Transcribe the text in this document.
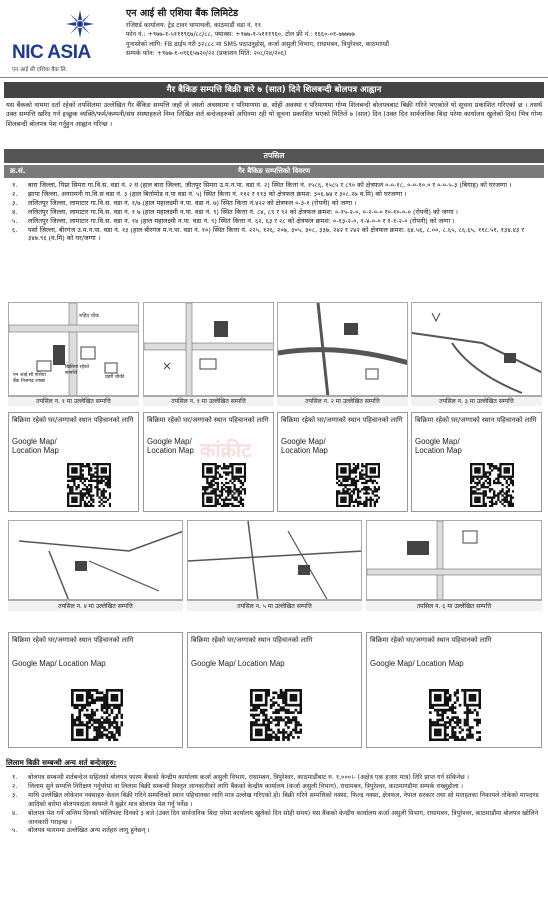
NIC ASIA
एन आई सी एशिया बैंक लि.
एन आई सी एशिया बैंक लिमिटेड
रजिष्टर्ड कार्यालय: ट्रेड टावर थापाथली, काठमाडौं वडा नं. ११
फोन नं.: +९७७-१-५१११९६७/८८/८८, फ्याक्स: +९७७-१-५१११९६०, टोल फ्री नं.: १६६०-०१-७७७७७
गुनासोको लागि: FB ढाईप गरी ३२८८८ मा SMS पठाउनुहोस्, कर्जा असुली विभाग, राधामबन, त्रिपुरेश्वर, काठमाण्डौं
सम्पर्क फोन: +९७७-१-०९६६५७२०/२२ (प्रकाशन मिति: २०८/२४/२०६)
गैर बैकिङ सम्पत्ति बिक्री बारे ७ (सात) दिने शिलबन्दी बोलपत्र आह्वान
यस बैंकको नाममा दर्ता रहेको तपसिलमा उल्लेखित गैर बैंकिङ सम्पत्ति जहाँ जे जस्तो अवस्थामा र परिमाणमा छ, सोही अवस्था र परिमाणमा गोप्य शिलबन्दी बोलपत्रबाट बिक्री गरिने भएकोले यो सूचना प्रकाशित गरिएको छ । तसर्थ उक्त सम्पत्ति खरिद गर्न इच्छुक व्यक्ति/फर्म/कम्पनी/संघ संस्थाहरुले निम्न लिखित शर्त बन्देजहरुको अधिनमा रही यो सूचना प्रकाशित भएको मितिले ७ (सात) दिन (उक्त दिन सार्वजनिक बिदा परेमा कार्यालय खुलेको दिन) भित्र गोप्य शिलबन्दी बोलपत्र पेश गर्नुहुन आह्वान गरिन्छ ।
तपसिल
गैर बैकिङ सम्पत्तिको विवरण
क्र.सं.
१.	बारा जिल्ला, पिप्रा सिमरा गा.वि.स. वडा नं. २ ध (हाल बारा जिल्ला, जीतपुर सिमरा उ.म.न.पा. वडा नं. २) स्थित कित्ता नं. १५८६, १५८५ र ८९० को क्षेत्रफल ०-०-१८, ०-०-१०.० र ०-०-५-३ (बिगाह) को घरजग्गा ।
२.	झापा जिल्ला, अनारमनी गा.वि.स वडा नं. ३ (हाल बिर्तामोड न.पा वडा नं. ५) स्थित कित्ता नं. ११२ र ११३ को क्षेत्रफल क्रमश: ३०६.७४ र ३०८.२७ व.मि) को घरजग्गा ।
३.	ललितपुर जिल्ला, लामाटार गा.वि.स. वडा नं. १/७ (हाल महालक्ष्मी न.पा. वडा नं. ७) स्थित कित्ता नं.४२२ को क्षेत्रफल ०-३-१ (रोपनी) को जग्गा ।
४.	ललितपुर जिल्ला, लामाटार गा.वि.स. वडा नं. १ ७ (हाल महालक्ष्मी न.पा. वडा नं. ९) स्थित कित्ता नं. ८४, ८९ र ९२ को क्षेत्रफल क्रमश: ०-१५-२-०, ०-२-०-० र०-१०-०-० (रोपनी) को जग्गा ।
५.	ललितपुर जिल्ला, लामाटार गा.वि.स. वडा नं. १४ (हाल महालक्ष्मी न.पा. वडा नं. ९) स्थित कित्ता नं. ६२, ६३ र २८ को क्षेत्रफल क्रमश: ०-१३-२-०, १-४-०-० र १-१-२-० (रोपनी) को जग्गा ।
६.	पर्सा जिल्ला, बीरगंज उ.म.न.पा. वडा नं. १३ (हाल बीरगंज म.न.पा. वडा नं. १०) स्थित कित्ता नं. २२५, १२६, २०७, ३०५, ३०८, ३३७, २४२ र २४२ को क्षेत्रफल क्रमश: ६४.५६, ८.००, ८.६५, ८६.६५, ११८.५१, १३४.४३ र ३४७.९६ (व.मि) को घर/जग्गा ।
शहिद चोक
बिक्रीमा रहेको सम्पत्ति
एन आई सी एशिया बैंक निजगढ शाखा
प्रहरी चौकी
तपसिल न. १ मा उल्लेखित सम्पत्ति	तपसिल न. १ मा उल्लेखित सम्पत्ति	तपसिल न. २ मा उल्लेखित सम्पत्ति	तपसिल न. ३ मा उल्लेखित सम्पत्ति
बिक्रिमा रहेको घर/जग्गाको स्थान पहिचानको लागि
Google Map/ Location Map
बिक्रिमा रहेको घर/जग्गाको स्थान पहिचानको लागि
Google Map/ Location Map
बिक्रिमा रहेको घर/जग्गाको स्थान पहिचानको लागि
Google Map/ Location Map
बिक्रिमा रहेको घर/जग्गाको स्थान पहिचानको लागि
Google Map/ Location Map
कांक्रीट
तपसिल न. ४ मा उल्लेखित सम्पत्ति	तपसिल न. ५ मा उल्लेखित सम्पत्ति	तपसिल न. ६ मा उल्लेखित सम्पत्ति
बिक्रिमा रहेको घर/जग्गाको स्थान पहिचानको लागि
Google Map/ Location Map
बिक्रिमा रहेको घर/जग्गाको स्थान पहिचानको लागि
Google Map/ Location Map
बिक्रिमा रहेको घर/जग्गाको स्थान पहिचानको लागि
Google Map/ Location Map
लिलाम बिक्री सम्बन्धी अन्य शर्त बन्देजहरु:
१.	बोलपत्र सम्बन्धी शर्तबन्देज सहितको बोलपत्र फारम बैंकको केन्द्रीय कार्यालय कर्जा असुली विभाग, राधामबन, त्रिपुरेश्वर, काठमाडौंबाट रु. १,०००।- (अक्षेत्र एक हजार मात्र) तिरि प्राप्त गर्न सकिनेछ ।
२.	लिलाम सुने सम्पत्ति निरीक्षण गर्नुपरेमा वा लिलाम बिक्री सम्बन्धी विस्तृत जानकारीको लागि बैंकको केन्द्रीय कार्यालय (कर्जा असुली विभाग), राधामबन, त्रिपुरेश्वर, काठमाण्डौमा सम्पर्क राख्नुहोला ।
३.	माथि उल्लेखित लोकेशन नक्साहरु केवल बिक्री गरिने सम्पत्तिको स्थान पहिचानका लागि मात्र उल्लेख गरिएको हो। बिक्री गरिने सम्पत्तिको नक्सा, फिल्ड नक्सा, क्षेत्रफल, नेपाल सरकार तथा सो मातहतका निकायले तोकेको मापदण्ड आदिको बारेमा बोलपत्रदाता स्वयम्ले नै बुझेर मात्र बोलपत्र पेश गर्नु पर्नेछ ।
४.	बोलपत्र पेश गर्ने अन्तिम दिनको भोलिपल्ट दिनको ३ बजे (उक्त दिन सार्वजनिक बिदा परेमा कार्यालय खुलेको दिन सोही समय) यस बैंकको केन्द्रीय कार्यालय कर्जा असुली विभाग, राधामबन, त्रिपुरेश्वर, काठमाडौंमा बोलपत्र खोलिने जानकारी गराइन्छ ।
५.	बोलपत्र फारममा उल्लेखित अन्य शर्तहरु लागु हुनेछन् ।
